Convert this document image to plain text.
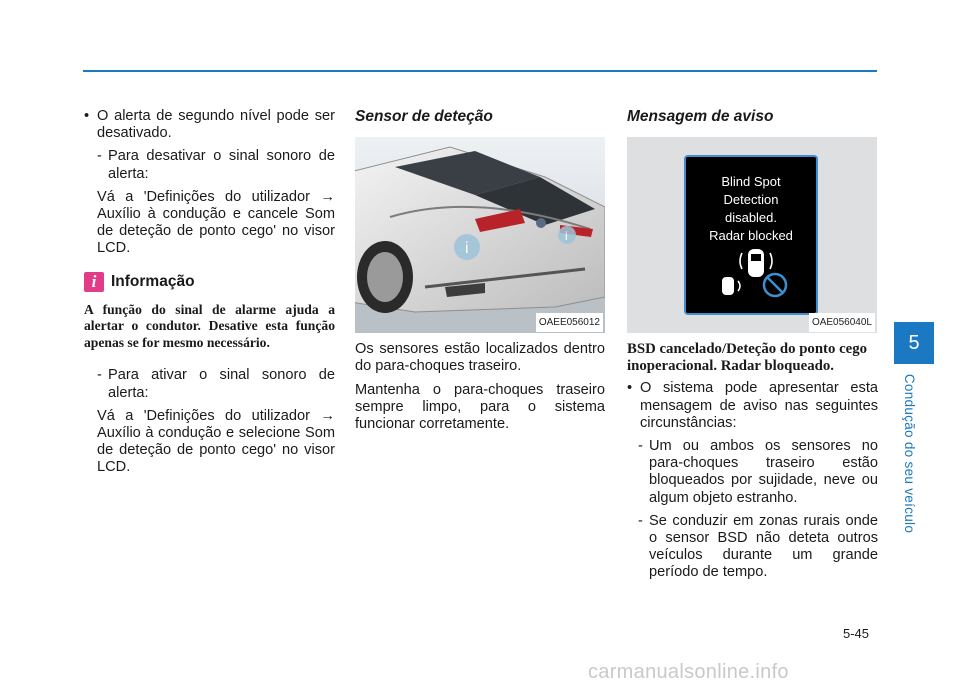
• O alerta de segundo nível pode ser desativado.

- Para desativar o sinal sonoro de alerta:

Vá a 'Definições do utilizador → Auxílio à condução e cancele Som de deteção de ponto cego' no visor LCD.

i Informação

A função do sinal de alarme ajuda a alertar o condutor. Desative esta função apenas se for mesmo necessário.

- Para ativar o sinal sonoro de alerta:

Vá a 'Definições do utilizador → Auxílio à condução e selecione Som de deteção de ponto cego' no visor LCD.

Sensor de deteção
i
i
OAEE056012

Os sensores estão localizados dentro do para-choques traseiro.

Mantenha o para-choques traseiro sempre limpo, para o sistema funcionar corretamente.

Mensagem de aviso
Blind Spot
Detection
disabled.
Radar blocked
OAE056040L

BSD cancelado/Deteção do ponto cego inoperacional. Radar bloqueado.

• O sistema pode apresentar esta mensagem de aviso nas seguintes circunstâncias:

- Um ou ambos os sensores no para-choques traseiro estão bloqueados por sujidade, neve ou algum objeto estranho.

- Se conduzir em zonas rurais onde o sensor BSD não deteta outros veículos durante um grande período de tempo.

5
Condução do seu veículo
5-45
carmanualsonline.info
